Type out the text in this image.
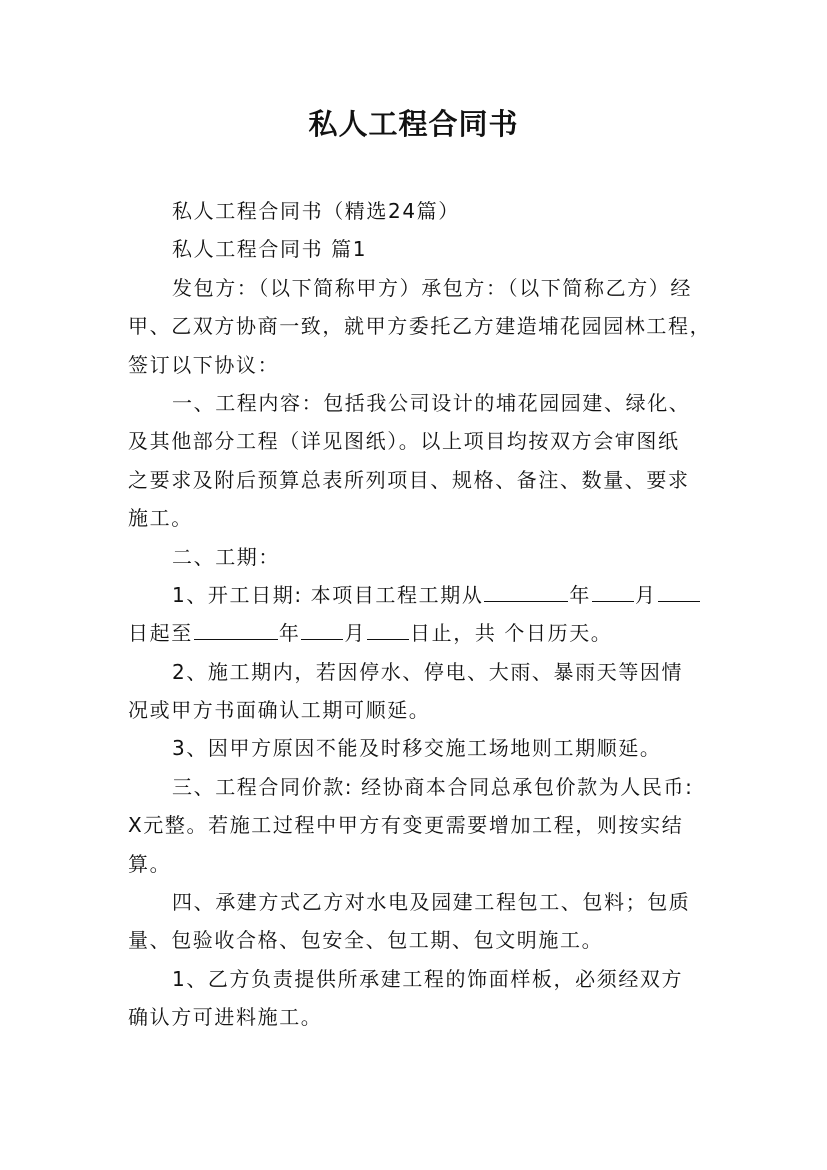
私人工程合同书
私人工程合同书（精选24篇）
私人工程合同书 篇1
发包方：（以下简称甲方）承包方：（以下简称乙方）经
甲、乙双方协商一致，就甲方委托乙方建造埔花园园林工程，
签订以下协议：
一、工程内容：包括我公司设计的埔花园园建、绿化、
及其他部分工程（详见图纸）。以上项目均按双方会审图纸
之要求及附后预算总表所列项目、规格、备注、数量、要求
施工。
二、工期：
1、开工日期: 本项目工程工期从	年 月
日起至	年 月 日止，共 个日历天。
2、施工期内，若因停水、停电、大雨、暴雨天等因情
况或甲方书面确认工期可顺延。
3、因甲方原因不能及时移交施工场地则工期顺延。
三、工程合同价款: 经协商本合同总承包价款为人民币:
X元整。若施工过程中甲方有变更需要增加工程，则按实结
算。
四、承建方式乙方对水电及园建工程包工、包料；包质
量、包验收合格、包安全、包工期、包文明施工。
1、乙方负责提供所承建工程的饰面样板，必须经双方
确认方可进料施工。
